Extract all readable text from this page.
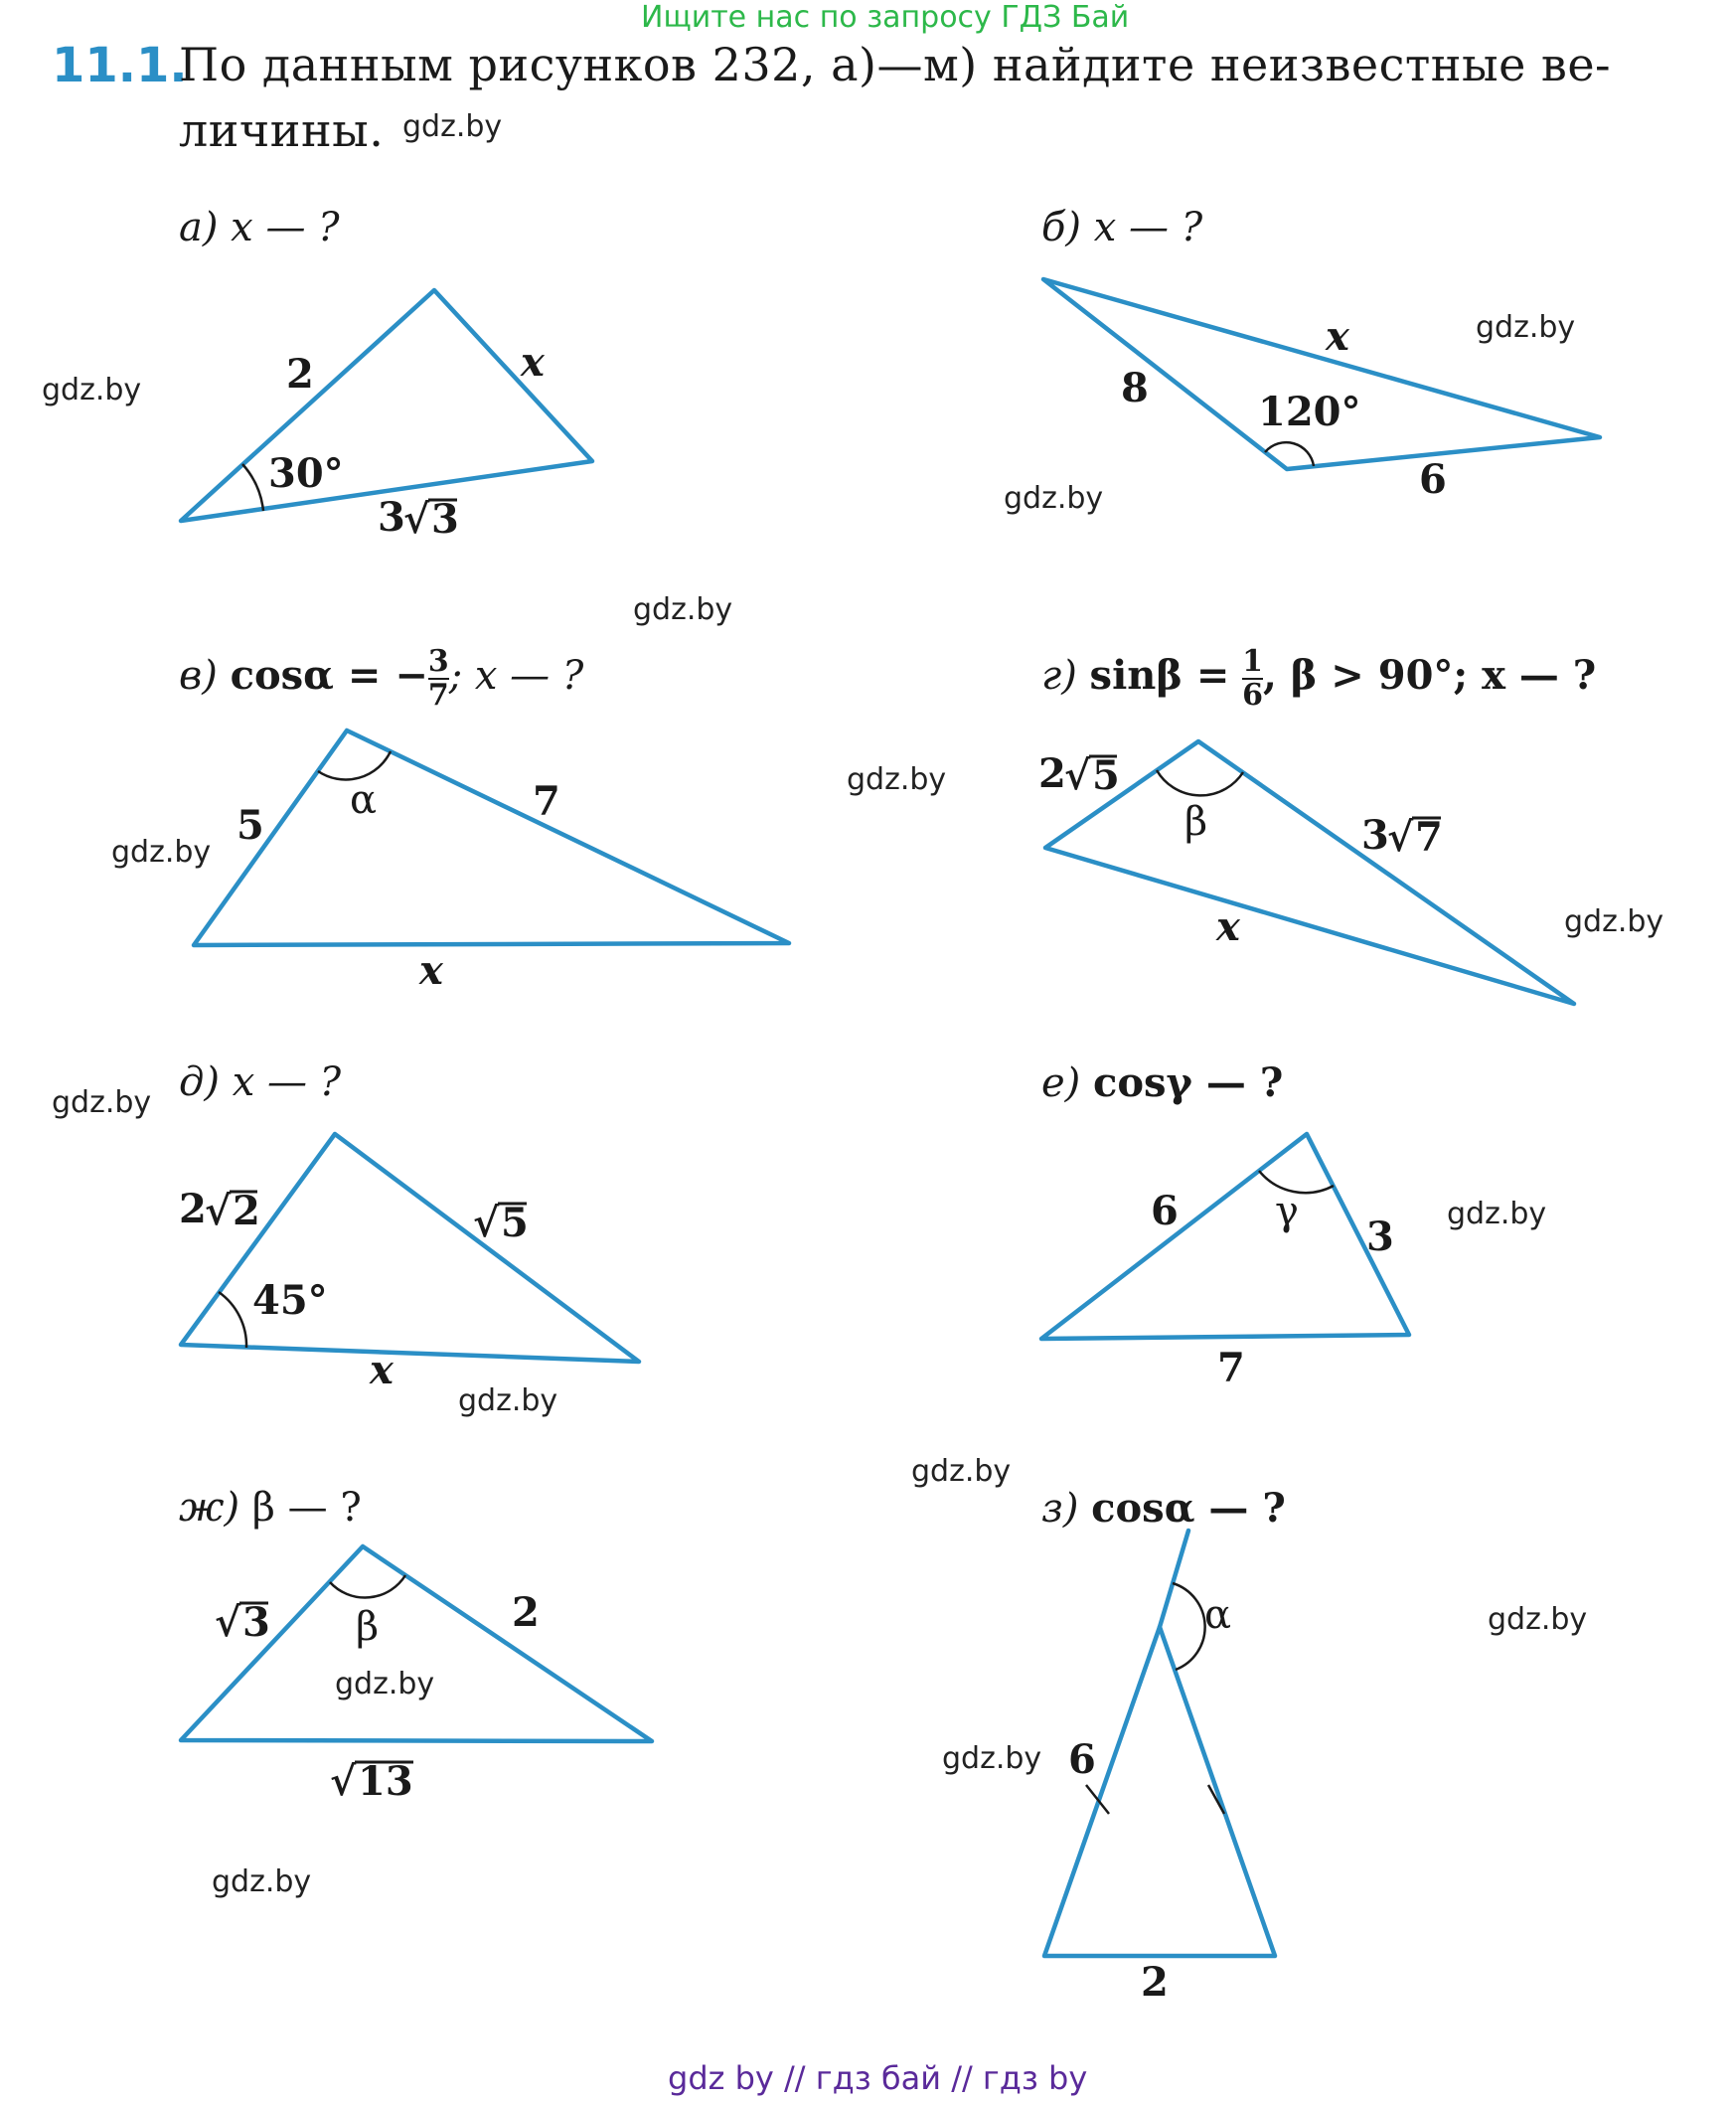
Ищите нас по запросу ГДЗ Бай
11.1.
По данным рисунков 232, а)—м) найдите неизвестные ве-
личины. gdz.by
gdz.by
gdz.by
gdz.by
gdz.by
gdz.by
gdz.by
gdz.by
gdz.by
gdz.by
gdz.by
gdz.by
gdz.by
gdz.by
gdz.by
gdz.by
а) x — ?	б) x — ?
в) cosα = − $\frac{3}{7}$ ; x — ?	г) $\sin\beta = \frac{1}{6}$ , β > 90°; x — ?
д) x — ?	е) cosγ — ?
ж) β — ?	з) cosα — ?
2	x
30°
3
√ 3
8
6
x
120°
5
7
x
α
2
√ 5
3
√ 7
x
β
2
√ 2	√ 5
x
45°
6
3
7
γ
√ 3	2
√ 13
β
6
2
α
gdz by // гдз бай // гдз by
